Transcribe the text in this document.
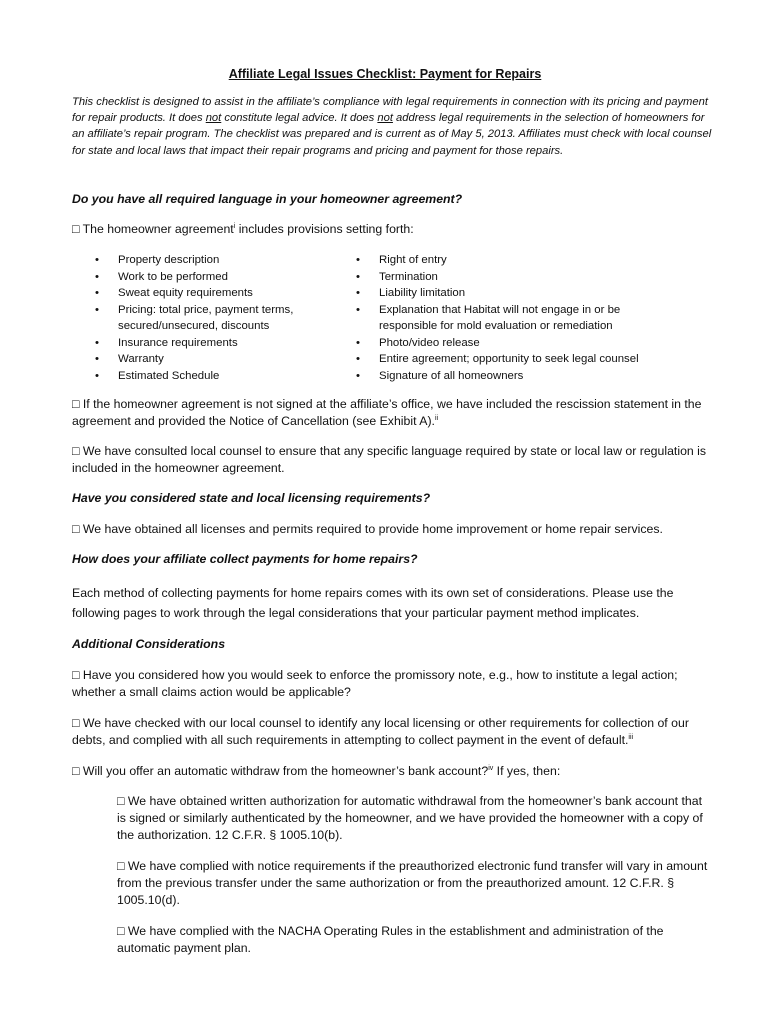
Affiliate Legal Issues Checklist: Payment for Repairs
This checklist is designed to assist in the affiliate’s compliance with legal requirements in connection with its pricing and payment for repair products. It does not constitute legal advice. It does not address legal requirements in the selection of homeowners for an affiliate’s repair program. The checklist was prepared and is current as of May 5, 2013. Affiliates must check with local counsel for state and local laws that impact their repair programs and pricing and payment for those repairs.
Do you have all required language in your homeowner agreement?
□ The homeowner agreement$^i$ includes provisions setting forth:
• Property description
• Work to be performed
• Sweat equity requirements
• Pricing: total price, payment terms, secured/unsecured, discounts
• Insurance requirements
• Warranty
• Estimated Schedule
• Right of entry
• Termination
• Liability limitation
• Explanation that Habitat will not engage in or be responsible for mold evaluation or remediation
• Photo/video release
• Entire agreement; opportunity to seek legal counsel
• Signature of all homeowners
□ If the homeowner agreement is not signed at the affiliate’s office, we have included the rescission statement in the agreement and provided the Notice of Cancellation (see Exhibit A).$^{ii}$
□ We have consulted local counsel to ensure that any specific language required by state or local law or regulation is included in the homeowner agreement.
Have you considered state and local licensing requirements?
□ We have obtained all licenses and permits required to provide home improvement or home repair services.
How does your affiliate collect payments for home repairs?
Each method of collecting payments for home repairs comes with its own set of considerations. Please use the following pages to work through the legal considerations that your particular payment method implicates.
Additional Considerations
□ Have you considered how you would seek to enforce the promissory note, e.g., how to institute a legal action; whether a small claims action would be applicable?
□ We have checked with our local counsel to identify any local licensing or other requirements for collection of our debts, and complied with all such requirements in attempting to collect payment in the event of default.$^{iii}$
□ Will you offer an automatic withdraw from the homeowner’s bank account?$^{iv}$ If yes, then:
□ We have obtained written authorization for automatic withdrawal from the homeowner’s bank account that is signed or similarly authenticated by the homeowner, and we have provided the homeowner with a copy of the authorization. 12 C.F.R. § 1005.10(b).
□ We have complied with notice requirements if the preauthorized electronic fund transfer will vary in amount from the previous transfer under the same authorization or from the preauthorized amount. 12 C.F.R. § 1005.10(d).
□ We have complied with the NACHA Operating Rules in the establishment and administration of the automatic payment plan.
